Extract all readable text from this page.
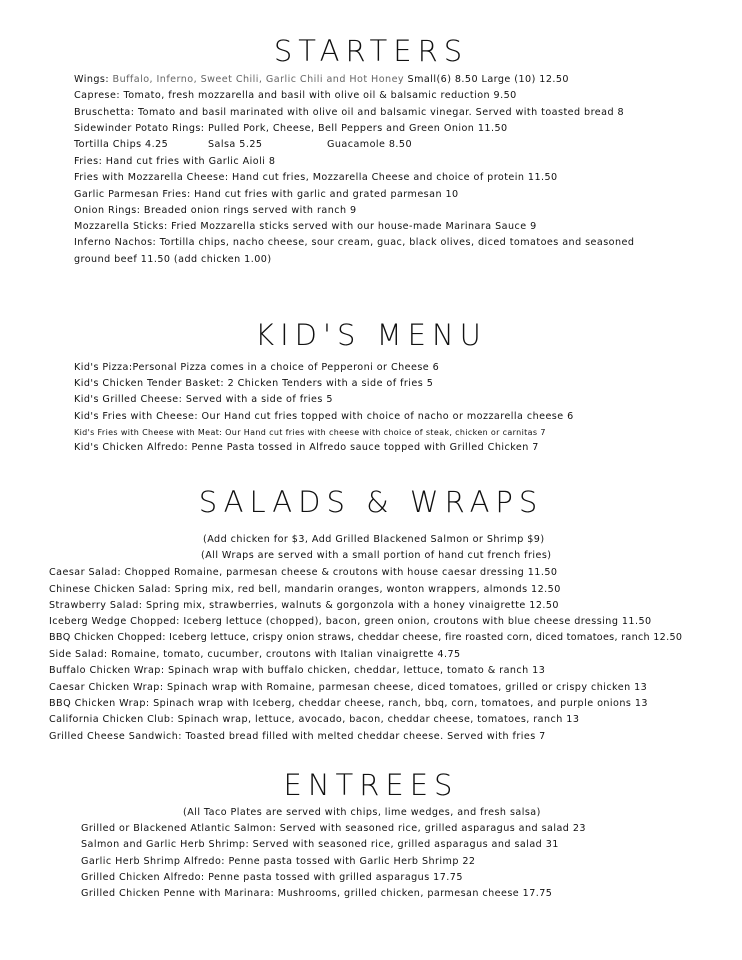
STARTERS
Wings: Buffalo, Inferno, Sweet Chili, Garlic Chili and Hot Honey Small(6) 8.50 Large (10) 12.50
Caprese: Tomato, fresh mozzarella and basil with olive oil & balsamic reduction 9.50
Bruschetta: Tomato and basil marinated with olive oil and balsamic vinegar. Served with toasted bread 8
Sidewinder Potato Rings: Pulled Pork, Cheese, Bell Peppers and Green Onion 11.50
Tortilla Chips 4.25	Salsa 5.25	Guacamole 8.50
Fries: Hand cut fries with Garlic Aioli 8
Fries with Mozzarella Cheese: Hand cut fries, Mozzarella Cheese and choice of protein 11.50
Garlic Parmesan Fries: Hand cut fries with garlic and grated parmesan 10
Onion Rings: Breaded onion rings served with ranch 9
Mozzarella Sticks: Fried Mozzarella sticks served with our house-made Marinara Sauce 9
Inferno Nachos: Tortilla chips, nacho cheese, sour cream, guac, black olives, diced tomatoes and seasoned
ground beef 11.50 (add chicken 1.00)
KID'S MENU
Kid's Pizza:Personal Pizza comes in a choice of Pepperoni or Cheese 6
Kid's Chicken Tender Basket: 2 Chicken Tenders with a side of fries 5
Kid's Grilled Cheese: Served with a side of fries 5
Kid's Fries with Cheese: Our Hand cut fries topped with choice of nacho or mozzarella cheese 6
Kid's Fries with Cheese with Meat: Our Hand cut fries with cheese with choice of steak, chicken or carnitas 7
Kid's Chicken Alfredo: Penne Pasta tossed in Alfredo sauce topped with Grilled Chicken 7
SALADS & WRAPS
(Add chicken for $3, Add Grilled Blackened Salmon or Shrimp $9)
(All Wraps are served with a small portion of hand cut french fries)
Caesar Salad: Chopped Romaine, parmesan cheese & croutons with house caesar dressing 11.50
Chinese Chicken Salad: Spring mix, red bell, mandarin oranges, wonton wrappers, almonds 12.50
Strawberry Salad: Spring mix, strawberries, walnuts & gorgonzola with a honey vinaigrette 12.50
Iceberg Wedge Chopped: Iceberg lettuce (chopped), bacon, green onion, croutons with blue cheese dressing 11.50
BBQ Chicken Chopped: Iceberg lettuce, crispy onion straws, cheddar cheese, fire roasted corn, diced tomatoes, ranch 12.50
Side Salad: Romaine, tomato, cucumber, croutons with Italian vinaigrette 4.75
Buffalo Chicken Wrap: Spinach wrap with buffalo chicken, cheddar, lettuce, tomato & ranch 13
Caesar Chicken Wrap: Spinach wrap with Romaine, parmesan cheese, diced tomatoes, grilled or crispy chicken 13
BBQ Chicken Wrap: Spinach wrap with Iceberg, cheddar cheese, ranch, bbq, corn, tomatoes, and purple onions 13
California Chicken Club: Spinach wrap, lettuce, avocado, bacon, cheddar cheese, tomatoes, ranch 13
Grilled Cheese Sandwich: Toasted bread filled with melted cheddar cheese. Served with fries 7
ENTREES
(All Taco Plates are served with chips, lime wedges, and fresh salsa)
Grilled or Blackened Atlantic Salmon: Served with seasoned rice, grilled asparagus and salad 23
Salmon and Garlic Herb Shrimp: Served with seasoned rice, grilled asparagus and salad 31
Garlic Herb Shrimp Alfredo: Penne pasta tossed with Garlic Herb Shrimp 22
Grilled Chicken Alfredo: Penne pasta tossed with grilled asparagus 17.75
Grilled Chicken Penne with Marinara: Mushrooms, grilled chicken, parmesan cheese 17.75
